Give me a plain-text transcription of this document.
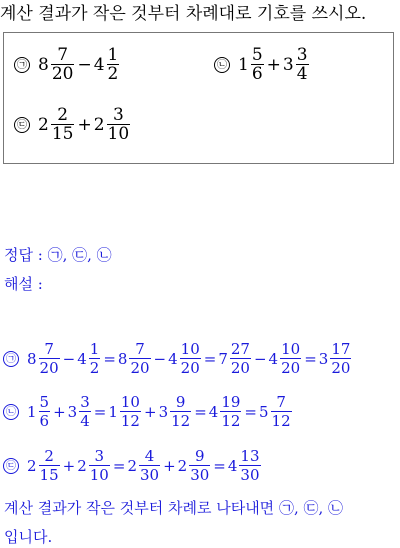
계산 결과가 작은 것부터 차례대로 기호를 쓰시오.
㉠ $8 \frac{7}{20} - 4 \frac{1}{2}$	㉡ $1 \frac{5}{6} + 3 \frac{3}{4}$
㉢ $2 \frac{2}{15} + 2 \frac{3}{10}$
정답 : ㉠, ㉢, ㉡
해설 :
㉠ $8 \frac{7}{20} - 4 \frac{1}{2} = 8 \frac{7}{20} - 4 \frac{10}{20} = 7 \frac{27}{20} - 4 \frac{10}{20} = 3 \frac{17}{20}$
㉡ $1 \frac{5}{6} + 3 \frac{3}{4} = 1 \frac{10}{12} + 3 \frac{9}{12} = 4 \frac{19}{12} = 5 \frac{7}{12}$
㉢ $2 \frac{2}{15} + 2 \frac{3}{10} = 2 \frac{4}{30} + 2 \frac{9}{30} = 4 \frac{13}{30}$
계산 결과가 작은 것부터 차례로 나타내면 ㉠, ㉢, ㉡
입니다.
